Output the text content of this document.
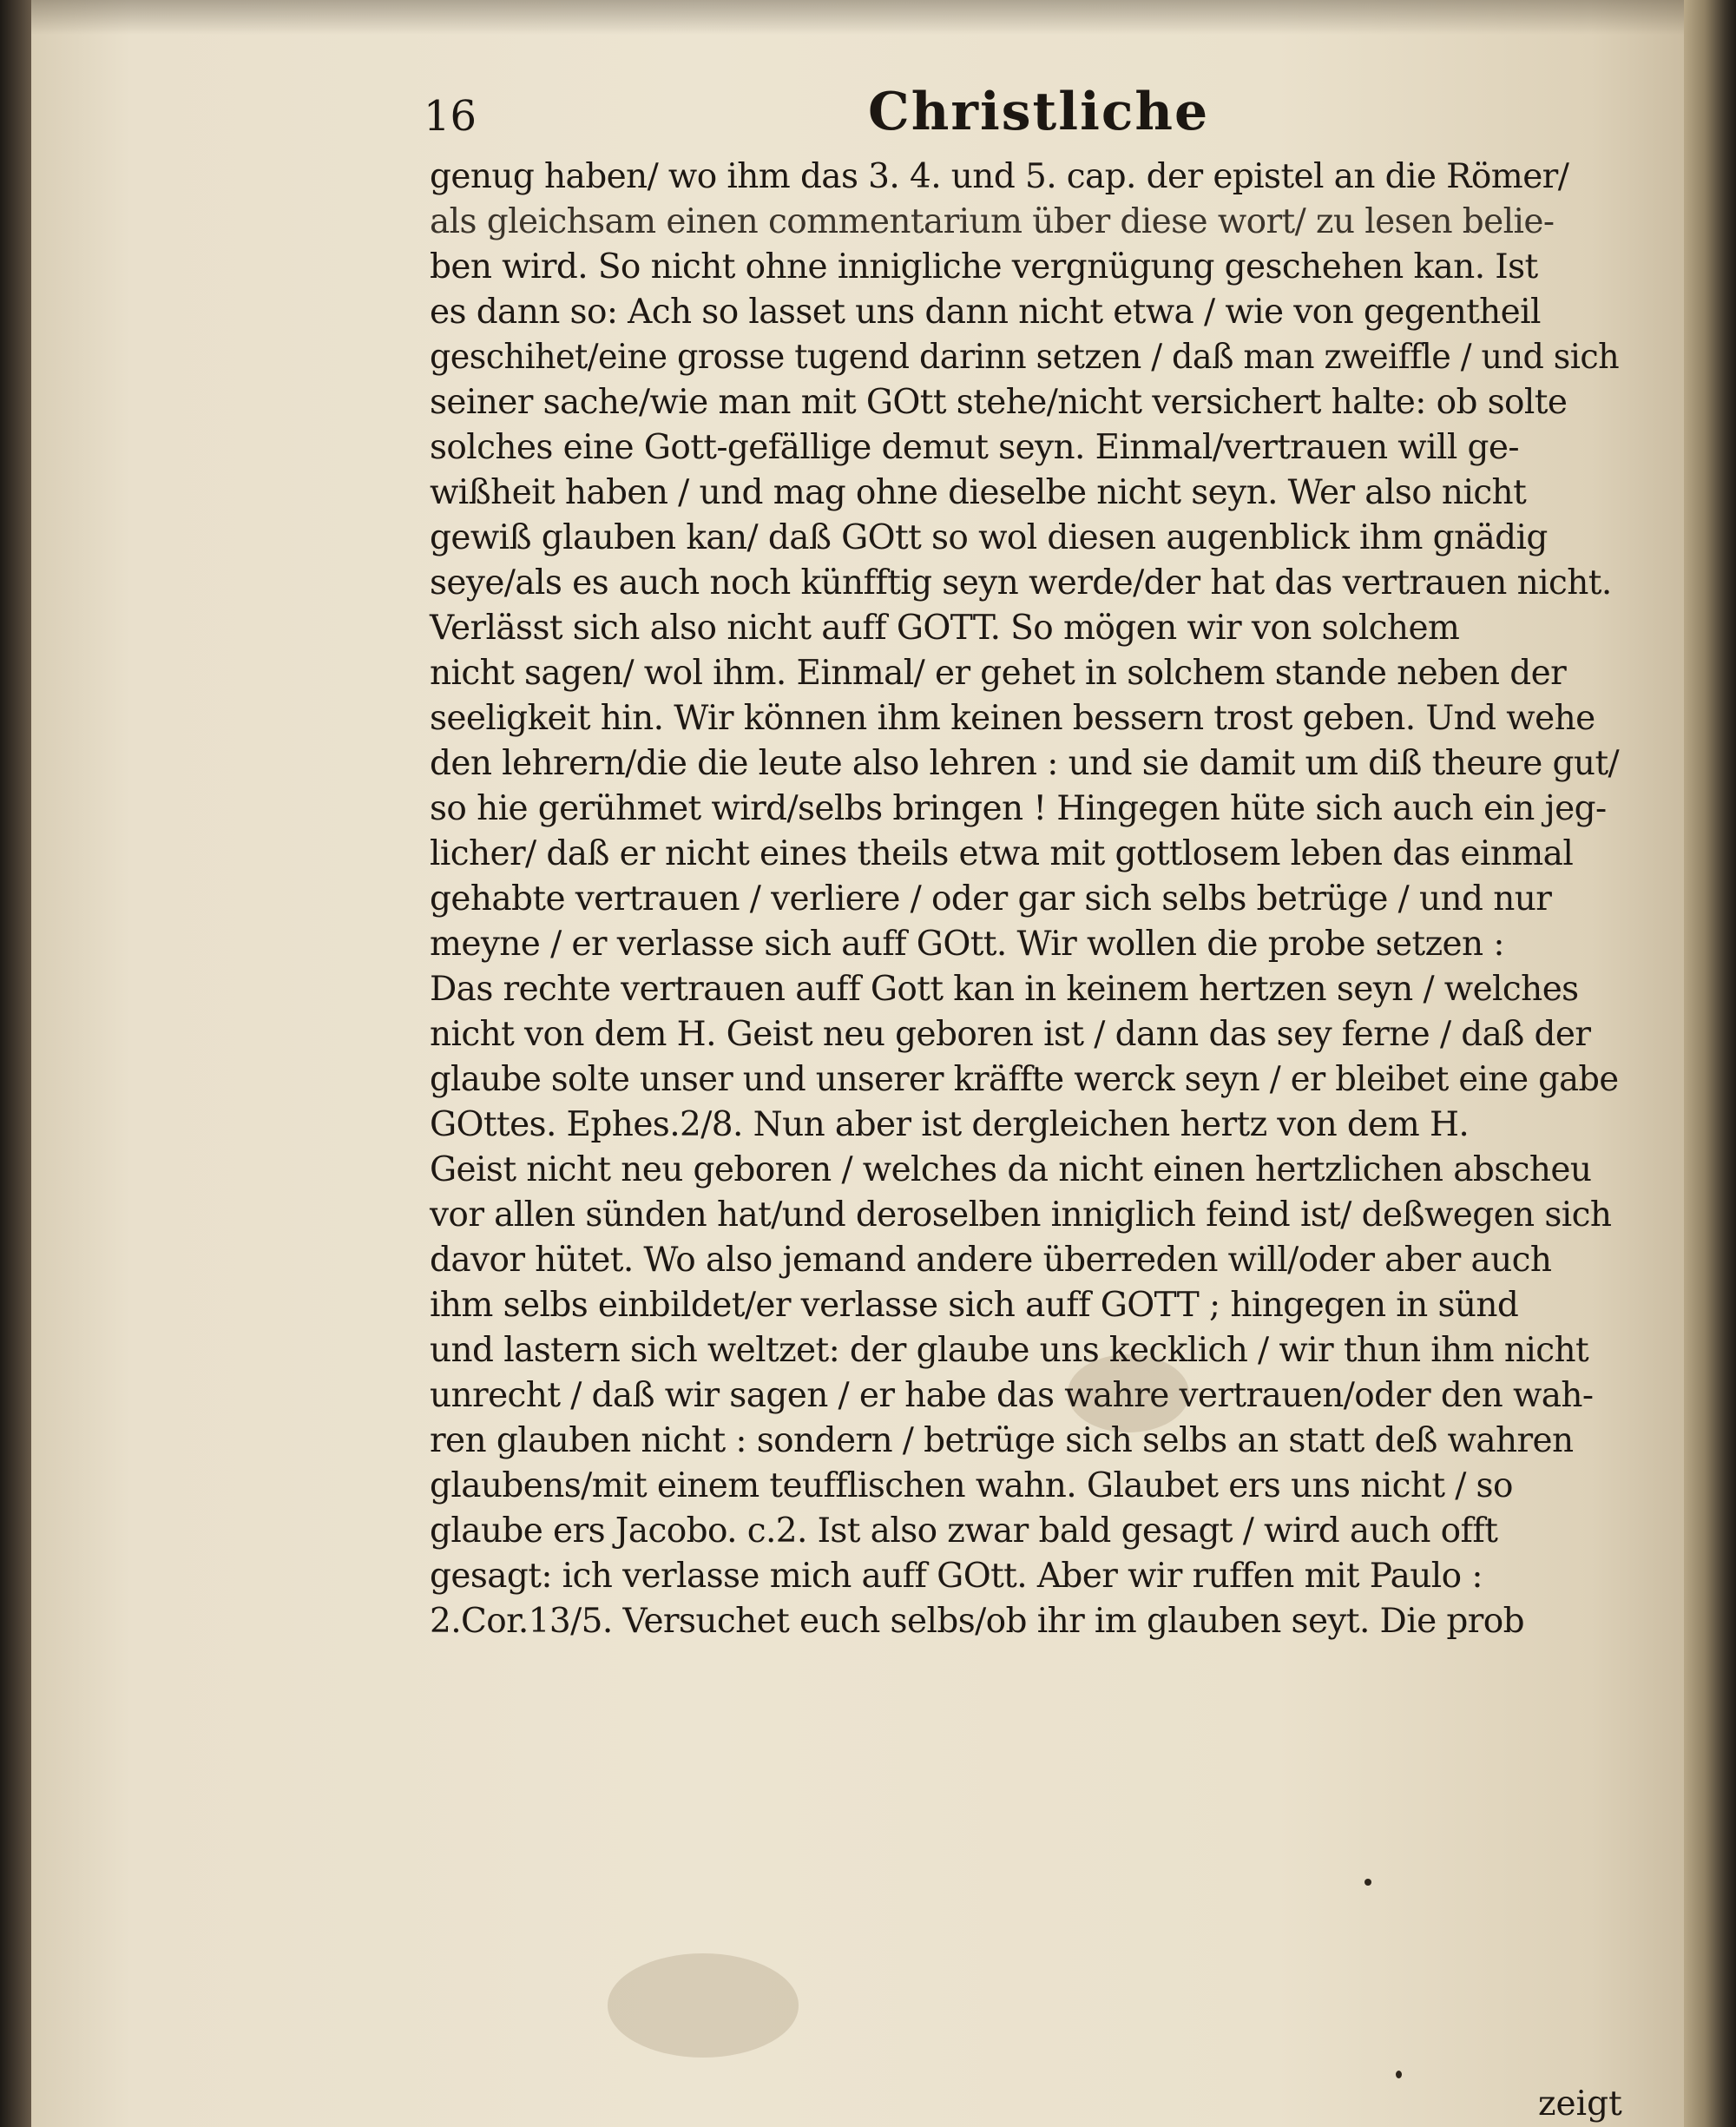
16	Christliche
genug haben/ wo ihm das 3. 4. und 5. cap. der epistel an die Römer/
als gleichsam einen commentarium über diese wort/ zu lesen belie-
ben wird. So nicht ohne innigliche vergnügung geschehen kan. Ist
es dann so: Ach so lasset uns dann nicht etwa / wie von gegentheil
geschihet/eine grosse tugend darinn setzen / daß man zweiffle / und sich
seiner sache/wie man mit GOtt stehe/nicht versichert halte: ob solte
solches eine Gott-gefällige demut seyn. Einmal/vertrauen will ge-
wißheit haben / und mag ohne dieselbe nicht seyn. Wer also nicht
gewiß glauben kan/ daß GOtt so wol diesen augenblick ihm gnädig
seye/als es auch noch künfftig seyn werde/der hat das vertrauen nicht.
Verlässt sich also nicht auff GOTT. So mögen wir von solchem
nicht sagen/ wol ihm. Einmal/ er gehet in solchem stande neben der
seeligkeit hin. Wir können ihm keinen bessern trost geben. Und wehe
den lehrern/die die leute also lehren : und sie damit um diß theure gut/
so hie gerühmet wird/selbs bringen ! Hingegen hüte sich auch ein jeg-
licher/ daß er nicht eines theils etwa mit gottlosem leben das einmal
gehabte vertrauen / verliere / oder gar sich selbs betrüge / und nur
meyne / er verlasse sich auff GOtt. Wir wollen die probe setzen :
Das rechte vertrauen auff Gott kan in keinem hertzen seyn / welches
nicht von dem H. Geist neu geboren ist / dann das sey ferne / daß der
glaube solte unser und unserer kräffte werck seyn / er bleibet eine gabe
GOttes. Ephes.2/8. Nun aber ist dergleichen hertz von dem H.
Geist nicht neu geboren / welches da nicht einen hertzlichen abscheu
vor allen sünden hat/und deroselben inniglich feind ist/ deßwegen sich
davor hütet. Wo also jemand andere überreden will/oder aber auch
ihm selbs einbildet/er verlasse sich auff GOTT ; hingegen in sünd
und lastern sich weltzet: der glaube uns kecklich / wir thun ihm nicht
unrecht / daß wir sagen / er habe das wahre vertrauen/oder den wah-
ren glauben nicht : sondern / betrüge sich selbs an statt deß wahren
glaubens/mit einem teufflischen wahn. Glaubet ers uns nicht / so
glaube ers Jacobo. c.2. Ist also zwar bald gesagt / wird auch offt
gesagt: ich verlasse mich auff GOtt. Aber wir ruffen mit Paulo :
2.Cor.13/5. Versuchet euch selbs/ob ihr im glauben seyt. Die prob
zeigt
